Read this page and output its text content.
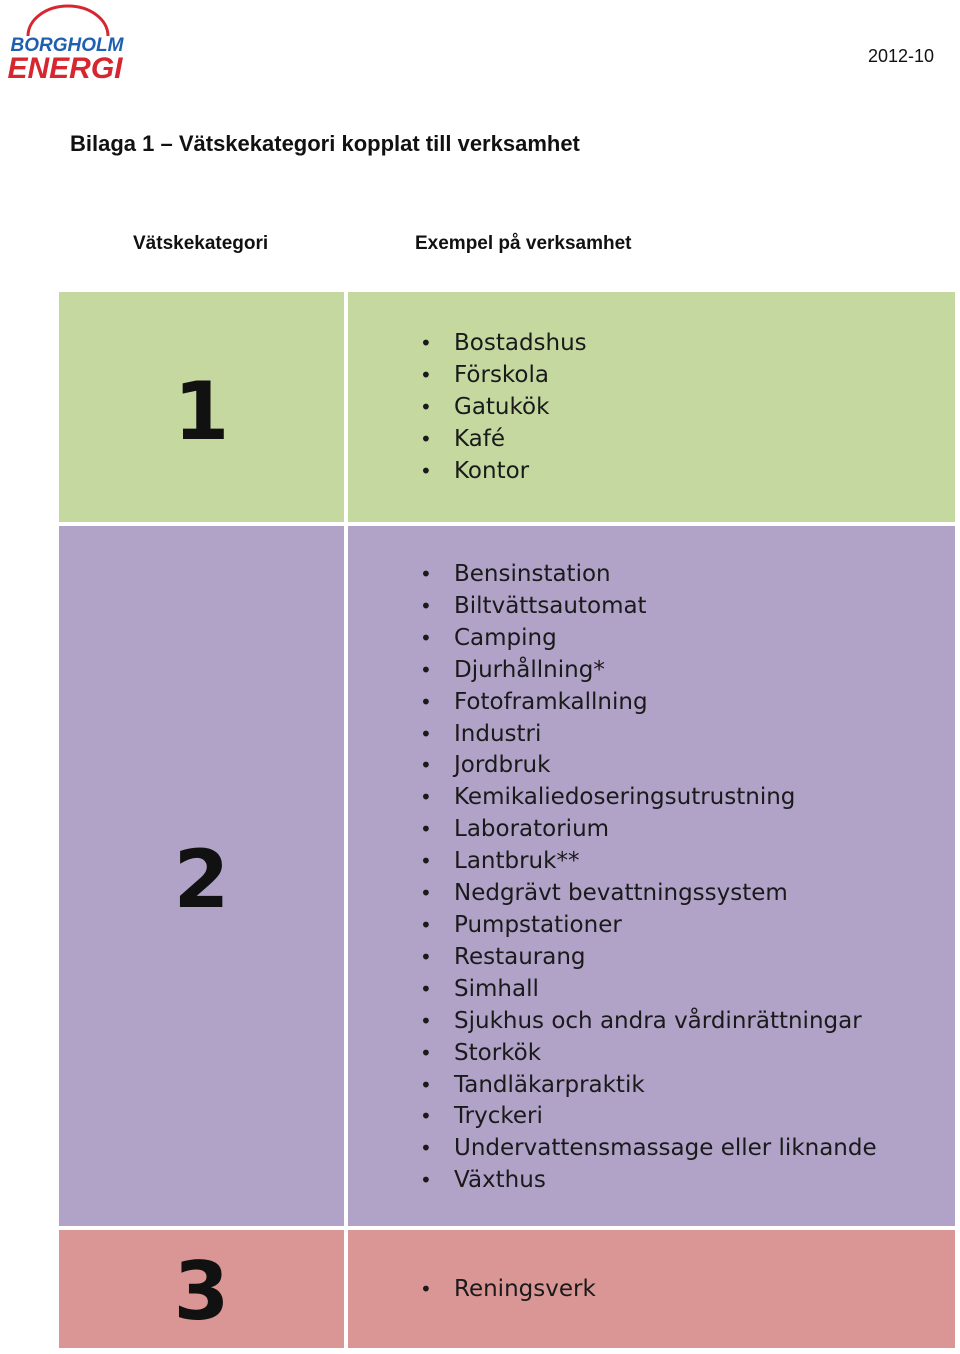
BORGHOLM
ENERGI	2012-10
Bilaga 1 – Vätskekategori kopplat till verksamhet
Vätskekategori	Exempel på verksamhet
1
• Bostadshus
• Förskola
• Gatukök
• Kafé
• Kontor
2
• Bensinstation
• Biltvättsautomat
• Camping
• Djurhållning*
• Fotoframkallning
• Industri
• Jordbruk
• Kemikaliedoseringsutrustning
• Laboratorium
• Lantbruk**
• Nedgrävt bevattningssystem
• Pumpstationer
• Restaurang
• Simhall
• Sjukhus och andra vårdinrättningar
• Storkök
• Tandläkarpraktik
• Tryckeri
• Undervattensmassage eller liknande
• Växthus
3	• Reningsverk
